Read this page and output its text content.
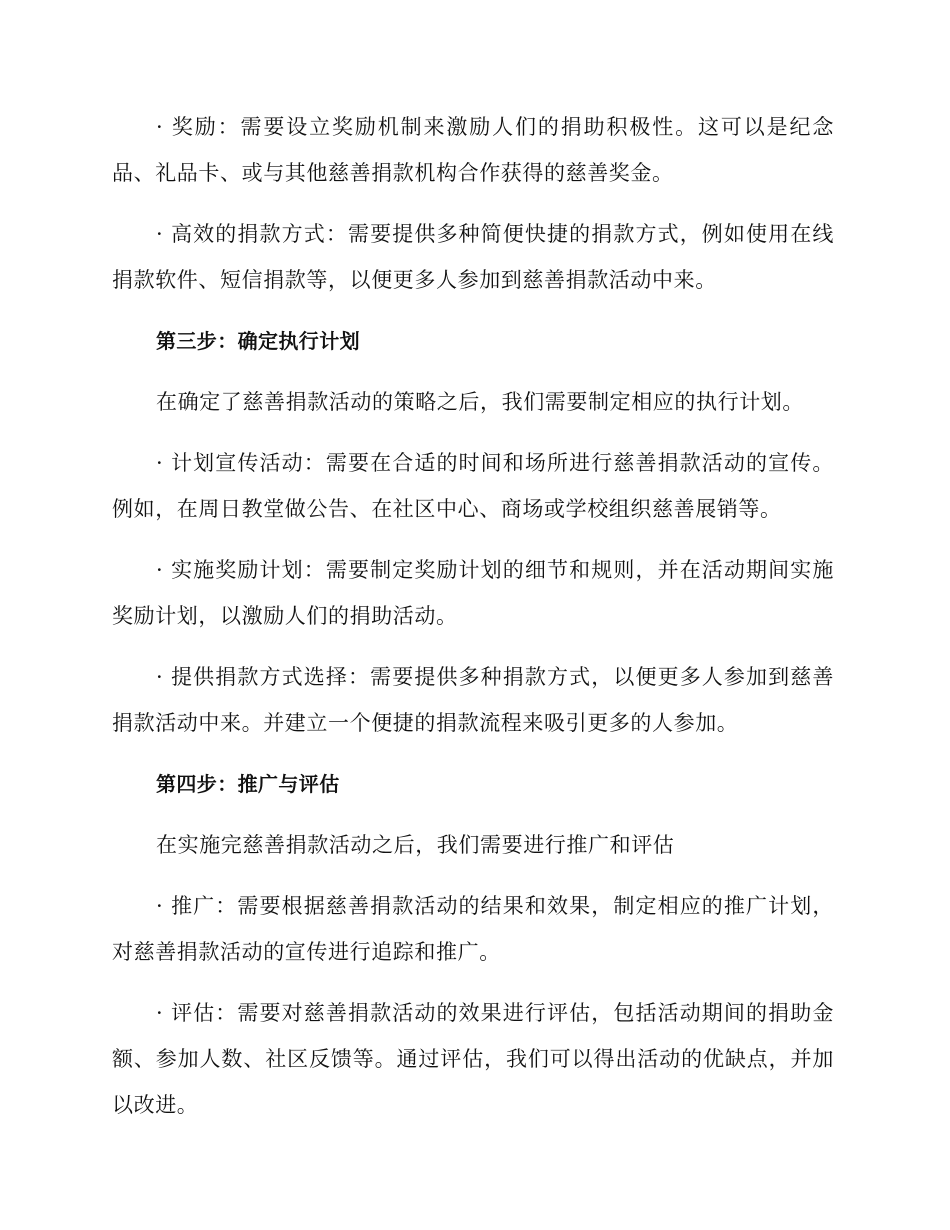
· 奖励：需要设立奖励机制来激励人们的捐助积极性。这可以是纪念品、礼品卡、或与其他慈善捐款机构合作获得的慈善奖金。

· 高效的捐款方式：需要提供多种简便快捷的捐款方式，例如使用在线捐款软件、短信捐款等，以便更多人参加到慈善捐款活动中来。

第三步：确定执行计划

在确定了慈善捐款活动的策略之后，我们需要制定相应的执行计划。

· 计划宣传活动：需要在合适的时间和场所进行慈善捐款活动的宣传。例如，在周日教堂做公告、在社区中心、商场或学校组织慈善展销等。

· 实施奖励计划：需要制定奖励计划的细节和规则，并在活动期间实施奖励计划，以激励人们的捐助活动。

· 提供捐款方式选择：需要提供多种捐款方式，以便更多人参加到慈善捐款活动中来。并建立一个便捷的捐款流程来吸引更多的人参加。

第四步：推广与评估

在实施完慈善捐款活动之后，我们需要进行推广和评估

· 推广：需要根据慈善捐款活动的结果和效果，制定相应的推广计划，对慈善捐款活动的宣传进行追踪和推广。

· 评估：需要对慈善捐款活动的效果进行评估，包括活动期间的捐助金额、参加人数、社区反馈等。通过评估，我们可以得出活动的优缺点，并加以改进。
